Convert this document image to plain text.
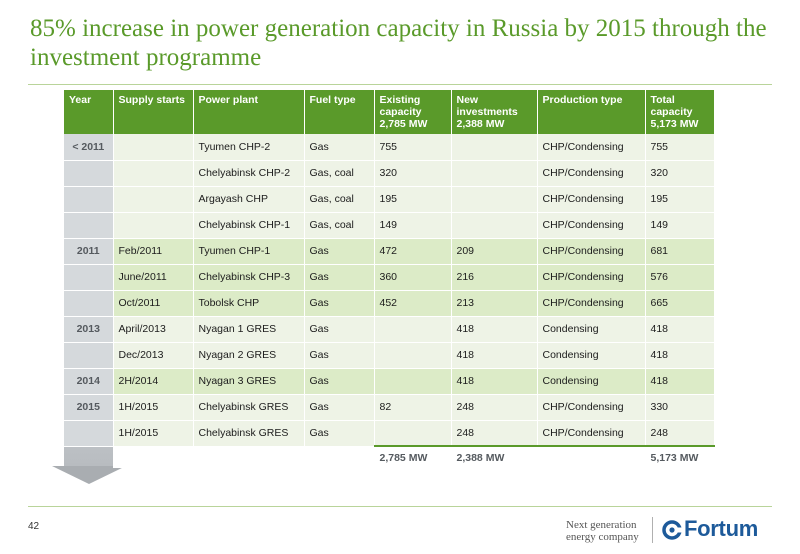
85% increase in power generation capacity in Russia by 2015 through the investment programme
Year	Supply starts	Power plant	Fuel type	Existing capacity 2,785 MW	New investments 2,388 MW	Production type	Total capacity 5,173 MW
< 2011		Tyumen CHP-2	Gas	755		CHP/Condensing	755
		Chelyabinsk CHP-2	Gas, coal	320		CHP/Condensing	320
		Argayash CHP	Gas, coal	195		CHP/Condensing	195
		Chelyabinsk CHP-1	Gas, coal	149		CHP/Condensing	149
2011	Feb/2011	Tyumen CHP-1	Gas	472	209	CHP/Condensing	681
	June/2011	Chelyabinsk CHP-3	Gas	360	216	CHP/Condensing	576
	Oct/2011	Tobolsk CHP	Gas	452	213	CHP/Condensing	665
2013	April/2013	Nyagan 1 GRES	Gas		418	Condensing	418
	Dec/2013	Nyagan 2 GRES	Gas		418	Condensing	418
2014	2H/2014	Nyagan 3 GRES	Gas		418	Condensing	418
2015	1H/2015	Chelyabinsk GRES	Gas	82	248	CHP/Condensing	330
	1H/2015	Chelyabinsk GRES	Gas		248	CHP/Condensing	248
				2,785 MW	2,388 MW		5,173 MW
42	Next generation energy company	Fortum
